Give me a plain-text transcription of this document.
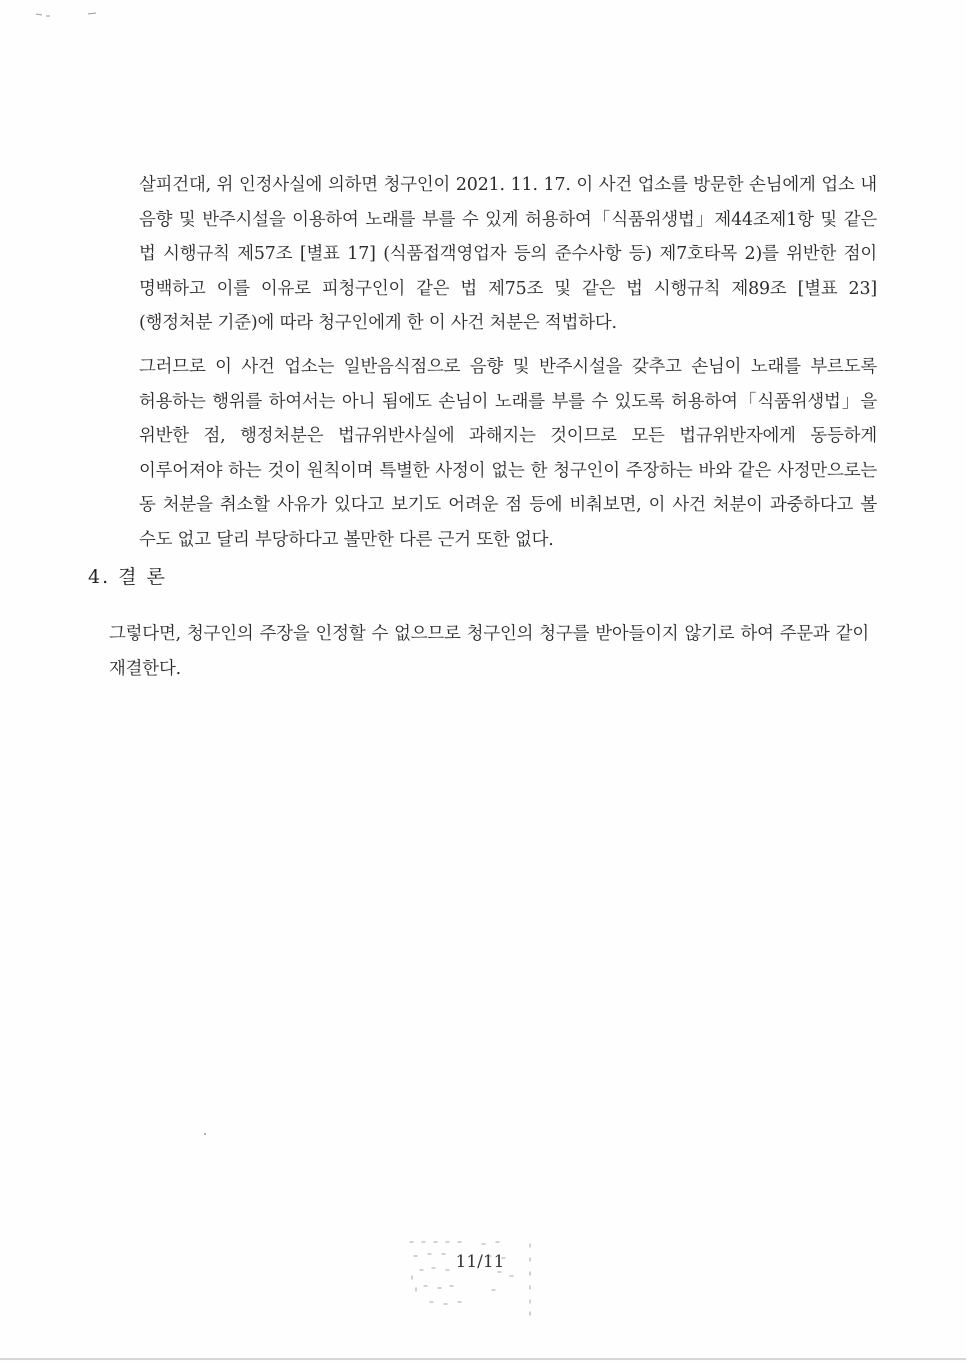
살피건대, 위 인정사실에 의하면 청구인이 2021. 11. 17. 이 사건 업소를 방문한 손님에게 업소 내 음향 및 반주시설을 이용하여 노래를 부를 수 있게 허용하여「식품위생법」제44조제1항 및 같은 법 시행규칙 제57조 [별표 17] (식품접객영업자 등의 준수사항 등) 제7호타목 2)를 위반한 점이 명백하고 이를 이유로 피청구인이 같은 법 제75조 및 같은 법 시행규칙 제89조 [별표 23] (행정처분 기준)에 따라 청구인에게 한 이 사건 처분은 적법하다.

그러므로 이 사건 업소는 일반음식점으로 음향 및 반주시설을 갖추고 손님이 노래를 부르도록 허용하는 행위를 하여서는 아니 됨에도 손님이 노래를 부를 수 있도록 허용하여「식품위생법」을 위반한 점, 행정처분은 법규위반사실에 과해지는 것이므로 모든 법규위반자에게 동등하게 이루어져야 하는 것이 원칙이며 특별한 사정이 없는 한 청구인이 주장하는 바와 같은 사정만으로는 동 처분을 취소할 사유가 있다고 보기도 어려운 점 등에 비춰보면, 이 사건 처분이 과중하다고 볼 수도 없고 달리 부당하다고 볼만한 다른 근거 또한 없다.

4. 결 론

그렇다면, 청구인의 주장을 인정할 수 없으므로 청구인의 청구를 받아들이지 않기로 하여 주문과 같이 재결한다.

11/11
